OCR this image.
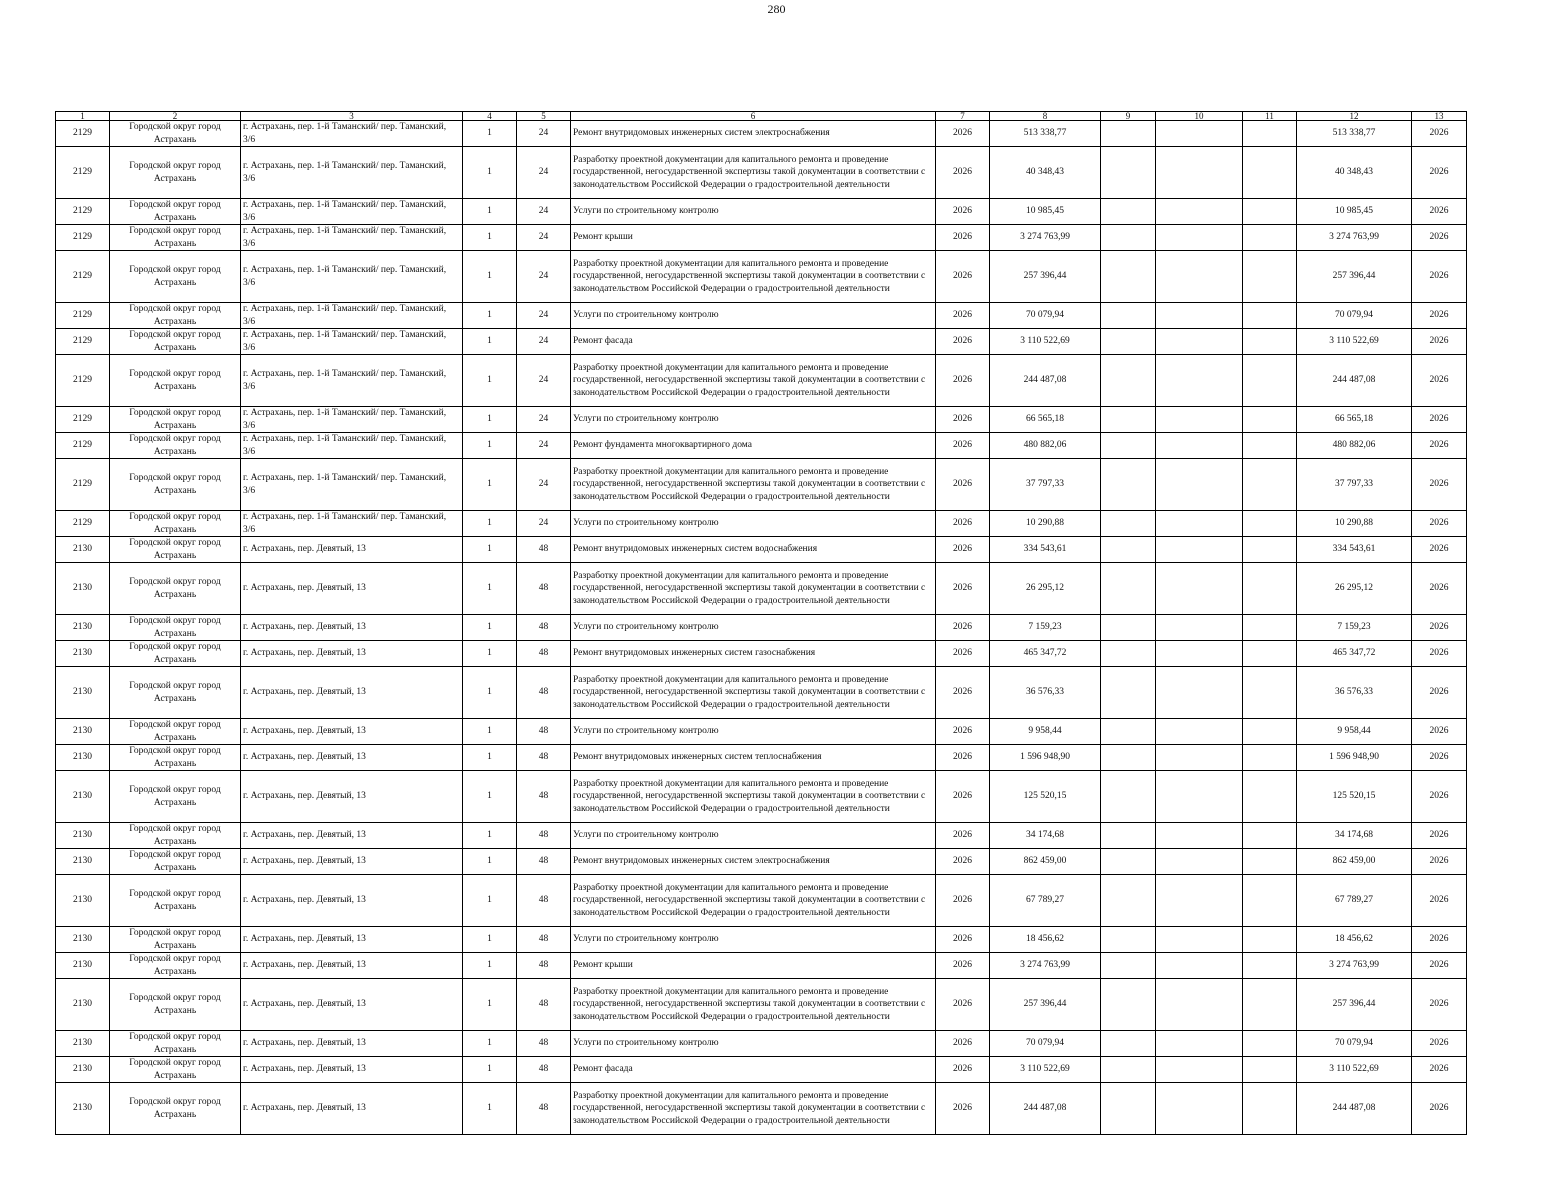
280
1	2	3	4	5	6	7	8	9	10	11	12	13
2129	Городской округ город Астрахань	г. Астрахань, пер. 1-й Таманский/ пер. Таманский, 3/6	1	24	Ремонт внутридомовых инженерных систем электроснабжения	2026	513 338,77				513 338,77	2026
2129	Городской округ город Астрахань	г. Астрахань, пер. 1-й Таманский/ пер. Таманский, 3/6	1	24	Разработку проектной документации для капитального ремонта и проведение государственной, негосударственной экспертизы такой документации в соответствии с законодательством Российской Федерации о градостроительной деятельности	2026	40 348,43				40 348,43	2026
2129	Городской округ город Астрахань	г. Астрахань, пер. 1-й Таманский/ пер. Таманский, 3/6	1	24	Услуги по строительному контролю	2026	10 985,45				10 985,45	2026
2129	Городской округ город Астрахань	г. Астрахань, пер. 1-й Таманский/ пер. Таманский, 3/6	1	24	Ремонт крыши	2026	3 274 763,99				3 274 763,99	2026
2129	Городской округ город Астрахань	г. Астрахань, пер. 1-й Таманский/ пер. Таманский, 3/6	1	24	Разработку проектной документации для капитального ремонта и проведение государственной, негосударственной экспертизы такой документации в соответствии с законодательством Российской Федерации о градостроительной деятельности	2026	257 396,44				257 396,44	2026
2129	Городской округ город Астрахань	г. Астрахань, пер. 1-й Таманский/ пер. Таманский, 3/6	1	24	Услуги по строительному контролю	2026	70 079,94				70 079,94	2026
2129	Городской округ город Астрахань	г. Астрахань, пер. 1-й Таманский/ пер. Таманский, 3/6	1	24	Ремонт фасада	2026	3 110 522,69				3 110 522,69	2026
2129	Городской округ город Астрахань	г. Астрахань, пер. 1-й Таманский/ пер. Таманский, 3/6	1	24	Разработку проектной документации для капитального ремонта и проведение государственной, негосударственной экспертизы такой документации в соответствии с законодательством Российской Федерации о градостроительной деятельности	2026	244 487,08				244 487,08	2026
2129	Городской округ город Астрахань	г. Астрахань, пер. 1-й Таманский/ пер. Таманский, 3/6	1	24	Услуги по строительному контролю	2026	66 565,18				66 565,18	2026
2129	Городской округ город Астрахань	г. Астрахань, пер. 1-й Таманский/ пер. Таманский, 3/6	1	24	Ремонт фундамента многоквартирного дома	2026	480 882,06				480 882,06	2026
2129	Городской округ город Астрахань	г. Астрахань, пер. 1-й Таманский/ пер. Таманский, 3/6	1	24	Разработку проектной документации для капитального ремонта и проведение государственной, негосударственной экспертизы такой документации в соответствии с законодательством Российской Федерации о градостроительной деятельности	2026	37 797,33				37 797,33	2026
2129	Городской округ город Астрахань	г. Астрахань, пер. 1-й Таманский/ пер. Таманский, 3/6	1	24	Услуги по строительному контролю	2026	10 290,88				10 290,88	2026
2130	Городской округ город Астрахань	г. Астрахань, пер. Девятый, 13	1	48	Ремонт внутридомовых инженерных систем водоснабжения	2026	334 543,61				334 543,61	2026
2130	Городской округ город Астрахань	г. Астрахань, пер. Девятый, 13	1	48	Разработку проектной документации для капитального ремонта и проведение государственной, негосударственной экспертизы такой документации в соответствии с законодательством Российской Федерации о градостроительной деятельности	2026	26 295,12				26 295,12	2026
2130	Городской округ город Астрахань	г. Астрахань, пер. Девятый, 13	1	48	Услуги по строительному контролю	2026	7 159,23				7 159,23	2026
2130	Городской округ город Астрахань	г. Астрахань, пер. Девятый, 13	1	48	Ремонт внутридомовых инженерных систем газоснабжения	2026	465 347,72				465 347,72	2026
2130	Городской округ город Астрахань	г. Астрахань, пер. Девятый, 13	1	48	Разработку проектной документации для капитального ремонта и проведение государственной, негосударственной экспертизы такой документации в соответствии с законодательством Российской Федерации о градостроительной деятельности	2026	36 576,33				36 576,33	2026
2130	Городской округ город Астрахань	г. Астрахань, пер. Девятый, 13	1	48	Услуги по строительному контролю	2026	9 958,44				9 958,44	2026
2130	Городской округ город Астрахань	г. Астрахань, пер. Девятый, 13	1	48	Ремонт внутридомовых инженерных систем теплоснабжения	2026	1 596 948,90				1 596 948,90	2026
2130	Городской округ город Астрахань	г. Астрахань, пер. Девятый, 13	1	48	Разработку проектной документации для капитального ремонта и проведение государственной, негосударственной экспертизы такой документации в соответствии с законодательством Российской Федерации о градостроительной деятельности	2026	125 520,15				125 520,15	2026
2130	Городской округ город Астрахань	г. Астрахань, пер. Девятый, 13	1	48	Услуги по строительному контролю	2026	34 174,68				34 174,68	2026
2130	Городской округ город Астрахань	г. Астрахань, пер. Девятый, 13	1	48	Ремонт внутридомовых инженерных систем электроснабжения	2026	862 459,00				862 459,00	2026
2130	Городской округ город Астрахань	г. Астрахань, пер. Девятый, 13	1	48	Разработку проектной документации для капитального ремонта и проведение государственной, негосударственной экспертизы такой документации в соответствии с законодательством Российской Федерации о градостроительной деятельности	2026	67 789,27				67 789,27	2026
2130	Городской округ город Астрахань	г. Астрахань, пер. Девятый, 13	1	48	Услуги по строительному контролю	2026	18 456,62				18 456,62	2026
2130	Городской округ город Астрахань	г. Астрахань, пер. Девятый, 13	1	48	Ремонт крыши	2026	3 274 763,99				3 274 763,99	2026
2130	Городской округ город Астрахань	г. Астрахань, пер. Девятый, 13	1	48	Разработку проектной документации для капитального ремонта и проведение государственной, негосударственной экспертизы такой документации в соответствии с законодательством Российской Федерации о градостроительной деятельности	2026	257 396,44				257 396,44	2026
2130	Городской округ город Астрахань	г. Астрахань, пер. Девятый, 13	1	48	Услуги по строительному контролю	2026	70 079,94				70 079,94	2026
2130	Городской округ город Астрахань	г. Астрахань, пер. Девятый, 13	1	48	Ремонт фасада	2026	3 110 522,69				3 110 522,69	2026
2130	Городской округ город Астрахань	г. Астрахань, пер. Девятый, 13	1	48	Разработку проектной документации для капитального ремонта и проведение государственной, негосударственной экспертизы такой документации в соответствии с законодательством Российской Федерации о градостроительной деятельности	2026	244 487,08				244 487,08	2026
